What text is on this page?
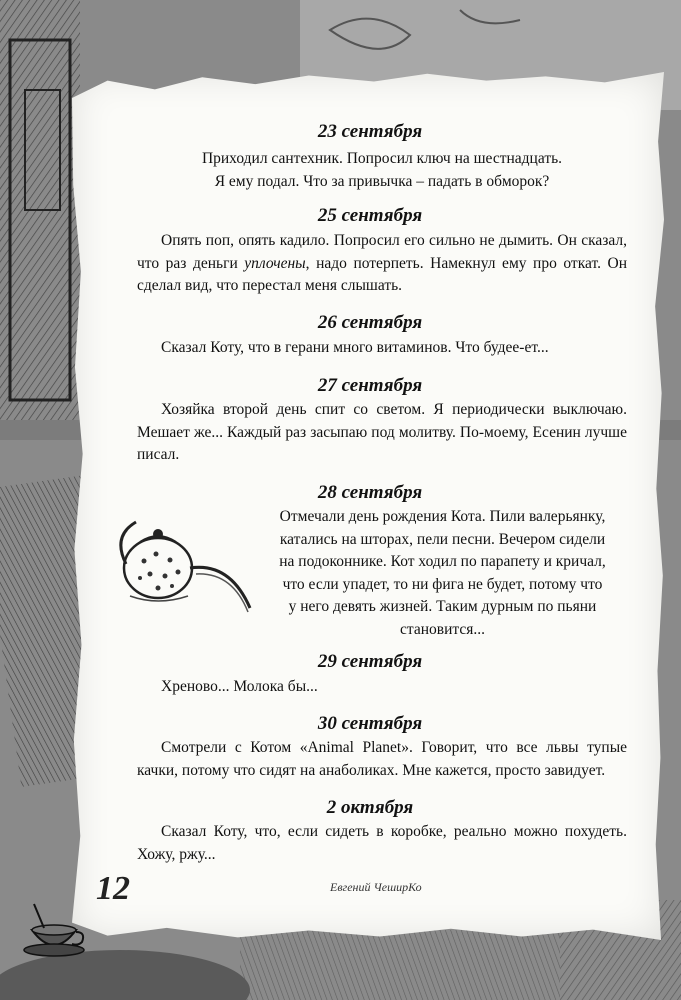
23 сентября
Приходил сантехник. Попросил ключ на шестнадцать.
Я ему подал. Что за привычка – падать в обморок?
25 сентября

Опять поп, опять кадило. Попросил его сильно не дымить. Он сказал, что раз деньги уплочены, надо потерпеть. Намекнул ему про откат. Он сделал вид, что перестал меня слышать.

26 сентября

Сказал Коту, что в герани много витаминов. Что будее-ет...

27 сентября

Хозяйка второй день спит со светом. Я периодически выключаю. Мешает же... Каждый раз засыпаю под молитву. По-моему, Есенин лучше писал.

28 сентября
Отмечали день рождения Кота. Пили валерьянку,
катались на шторах, пели песни. Вечером сидели
на подоконнике. Кот ходил по парапету и кричал,
что если упадет, то ни фига не будет, потому что
у него девять жизней. Таким дурным по пьяни
становится...
29 сентября

Хреново... Молока бы...

30 сентября

Смотрели с Котом «Animal Planet». Говорит, что все львы тупые качки, потому что сидят на анаболиках. Мне кажется, просто завидует.

2 октября

Сказал Коту, что, если сидеть в коробке, реально можно похудеть. Хожу, ржу...

12	Евгений ЧеширКо
